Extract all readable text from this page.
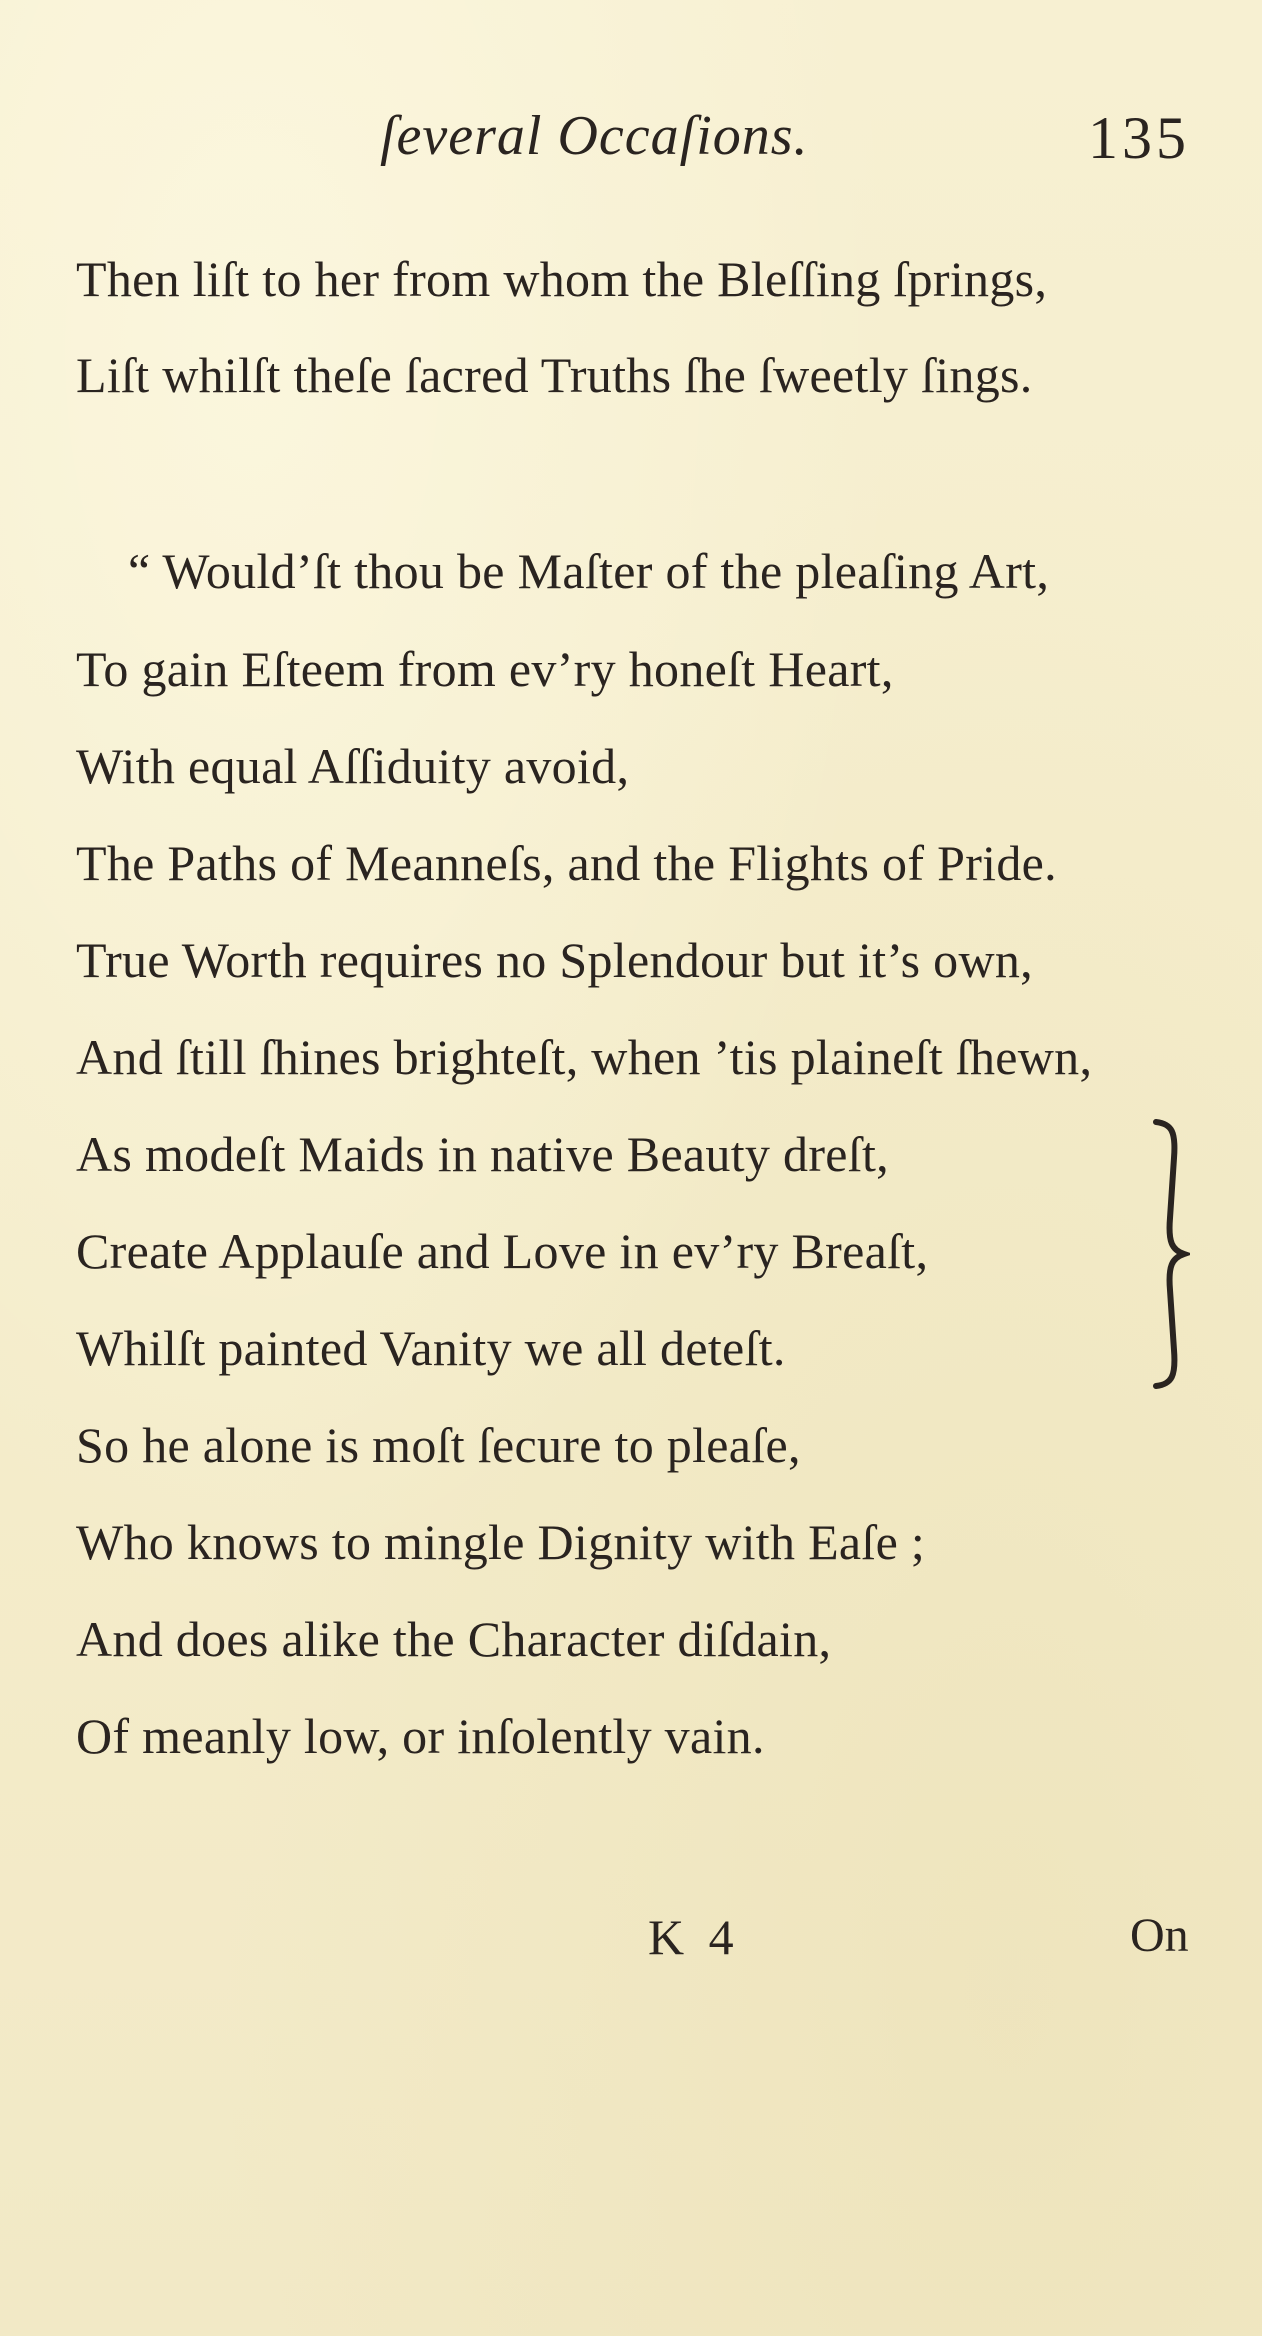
ſeveral Occaſions.	135
Then liſt to her from whom the Bleſſing ſprings,
Liſt whilſt theſe ſacred Truths ſhe ſweetly ſings.
“ Would’ſt thou be Maſter of the pleaſing Art,
To gain Eſteem from ev’ry honeſt Heart,
With equal Aſſiduity avoid,
The Paths of Meanneſs, and the Flights of Pride.
True Worth requires no Splendour but it’s own,
And ſtill ſhines brighteſt, when ’tis plaineſt ſhewn,
As modeſt Maids in native Beauty dreſt,
Create Applauſe and Love in ev’ry Breaſt,
Whilſt painted Vanity we all deteſt.
So he alone is moſt ſecure to pleaſe,
Who knows to mingle Dignity with Eaſe ;
And does alike the Character diſdain,
Of meanly low, or inſolently vain.
K 4	On
